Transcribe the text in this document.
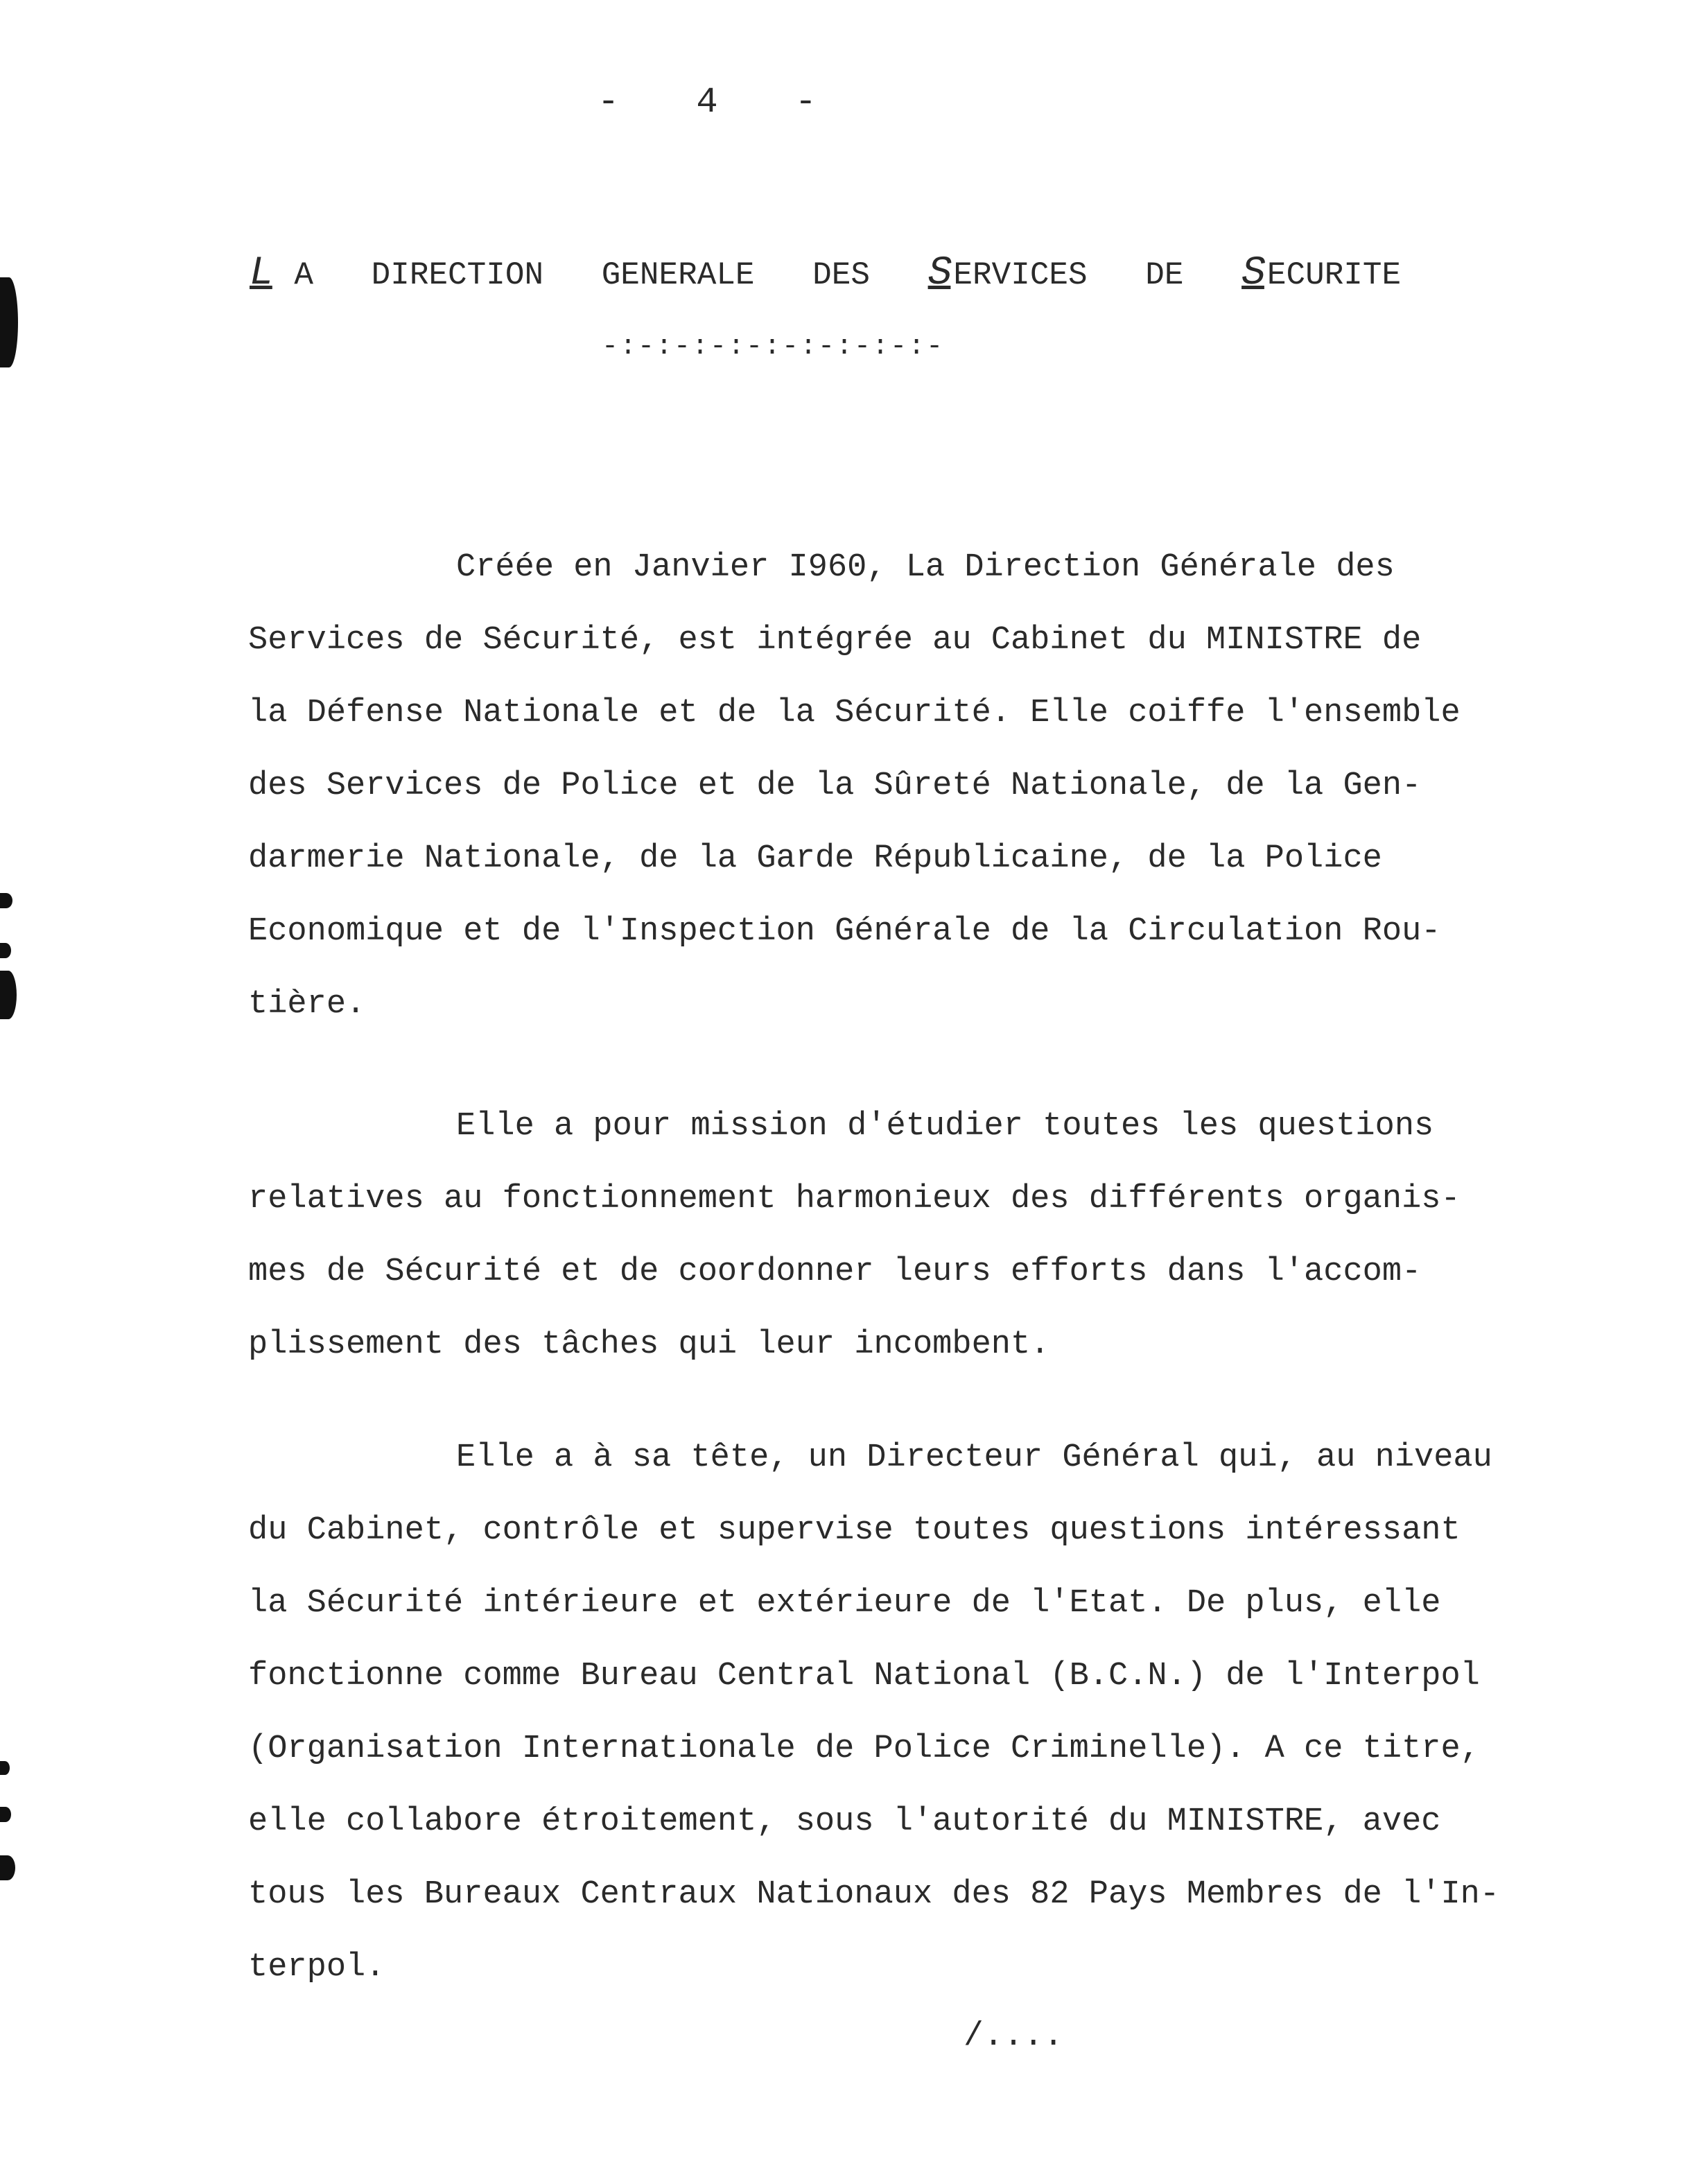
- 4 -
L A DIRECTION GENERALE DES SERVICES DE SECURITE
-:-:-:-:-:-:-:-:-:-
Créée en Janvier I960, La Direction Générale des
Services de Sécurité, est intégrée au Cabinet du MINISTRE de
la Défense Nationale et de la Sécurité. Elle coiffe l'ensemble
des Services de Police et de la Sûreté Nationale, de la Gen-
darmerie Nationale, de la Garde Républicaine, de la Police
Economique et de l'Inspection Générale de la Circulation Rou-
tière.
Elle a pour mission d'étudier toutes les questions
relatives au fonctionnement harmonieux des différents organis-
mes de Sécurité et de coordonner leurs efforts dans l'accom-
plissement des tâches qui leur incombent.
Elle a à sa tête, un Directeur Général qui, au niveau
du Cabinet, contrôle et supervise toutes questions intéressant
la Sécurité intérieure et extérieure de l'Etat. De plus, elle
fonctionne comme Bureau Central National (B.C.N.) de l'Interpol
(Organisation Internationale de Police Criminelle). A ce titre,
elle collabore étroitement, sous l'autorité du MINISTRE, avec
tous les Bureaux Centraux Nationaux des 82 Pays Membres de l'In-
terpol.
/....
